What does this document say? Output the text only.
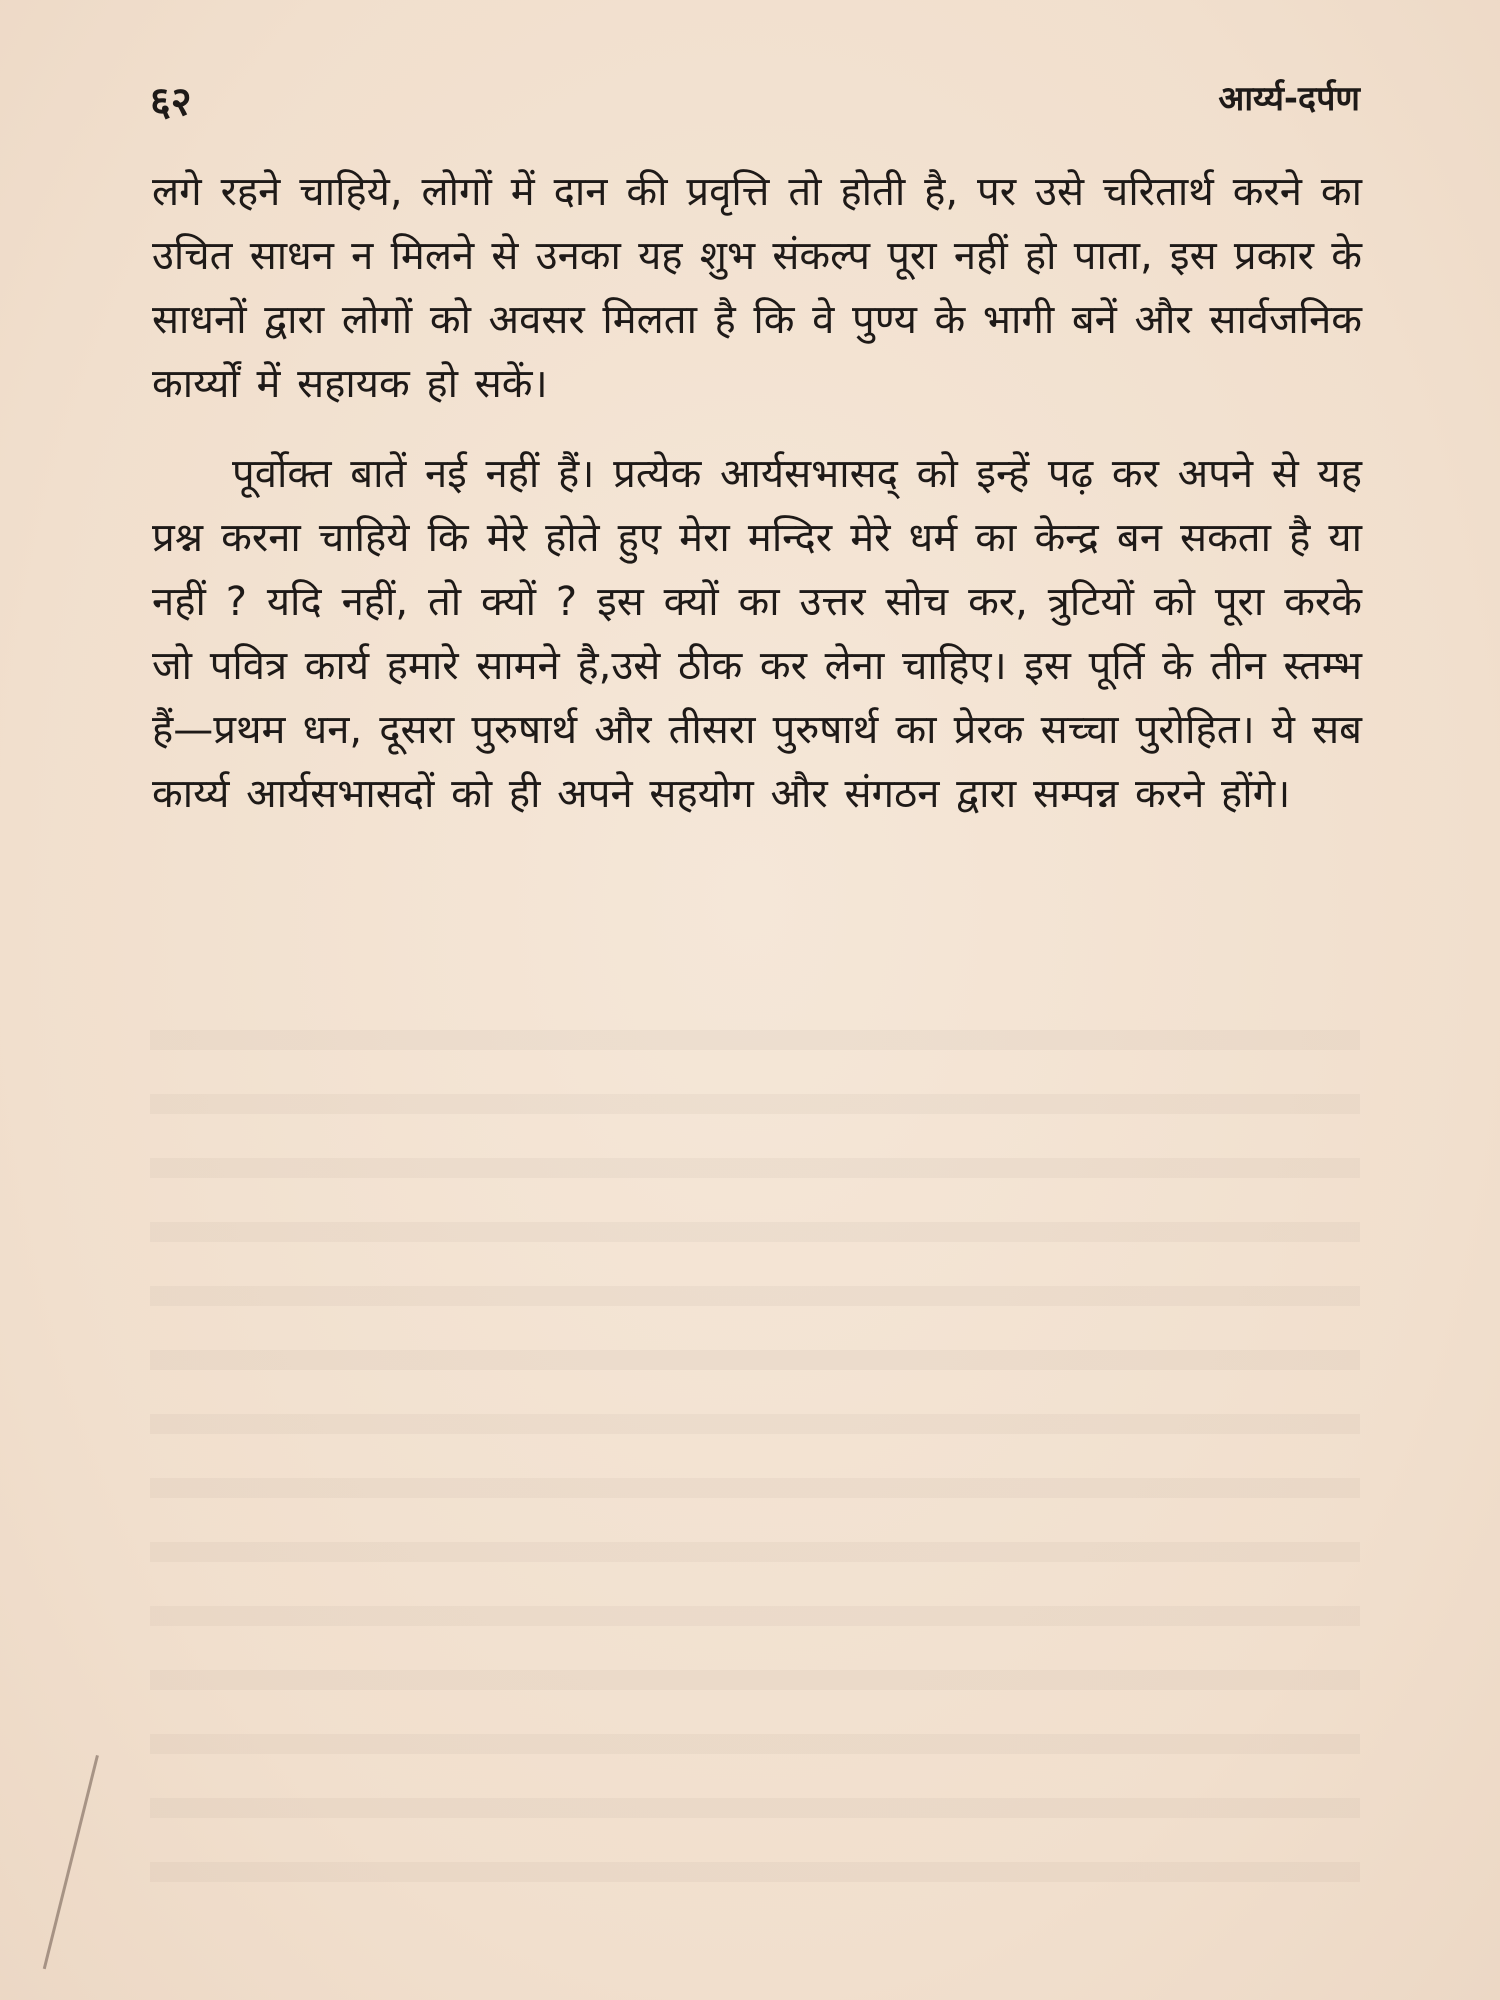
६२	आर्य्य-दर्पण

लगे रहने चाहिये, लोगों में दान की प्रवृत्ति तो होती है, पर उसे चरितार्थ करने का उचित साधन न मिलने से उनका यह शुभ संकल्प पूरा नहीं हो पाता, इस प्रकार के साधनों द्वारा लोगों को अवसर मिलता है कि वे पुण्य के भागी बनें और सार्वजनिक कार्य्यों में सहायक हो सकें।

पूर्वोक्त बातें नई नहीं हैं। प्रत्येक आर्यसभासद् को इन्हें पढ़ कर अपने से यह प्रश्न करना चाहिये कि मेरे होते हुए मेरा मन्दिर मेरे धर्म का केन्द्र बन सकता है या नहीं ? यदि नहीं, तो क्यों ? इस क्यों का उत्तर सोच कर, त्रुटियों को पूरा करके जो पवित्र कार्य हमारे सामने है,उसे ठीक कर लेना चाहिए। इस पूर्ति के तीन स्तम्भ हैं—प्रथम धन, दूसरा पुरुषार्थ और तीसरा पुरुषार्थ का प्रेरक सच्चा पुरोहित। ये सब कार्य्य आर्यसभासदों को ही अपने सहयोग और संगठन द्वारा सम्पन्न करने होंगे।
